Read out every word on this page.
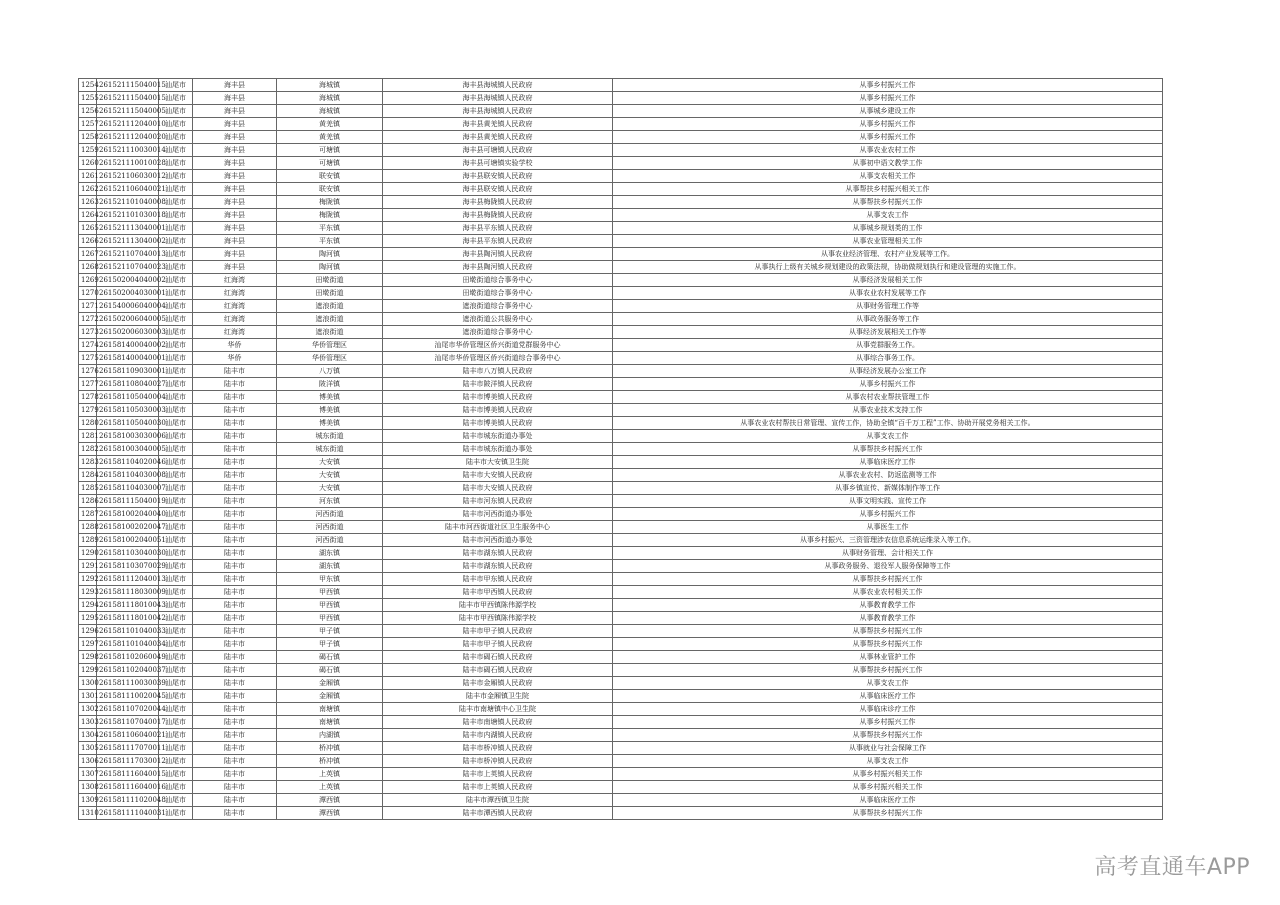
1254	261521115040015	汕尾市	海丰县	海城镇	海丰县海城镇人民政府	从事乡村振兴工作
1255	261521115040015	汕尾市	海丰县	海城镇	海丰县海城镇人民政府	从事乡村振兴工作
1256	261521115040005	汕尾市	海丰县	海城镇	海丰县海城镇人民政府	从事城乡建设工作
1257	261521112040010	汕尾市	海丰县	黄羌镇	海丰县黄羌镇人民政府	从事乡村振兴工作
1258	261521112040020	汕尾市	海丰县	黄羌镇	海丰县黄羌镇人民政府	从事乡村振兴工作
1259	261521110030014	汕尾市	海丰县	可塘镇	海丰县可塘镇人民政府	从事农业农村工作
1260	261521110010028	汕尾市	海丰县	可塘镇	海丰县可塘镇实验学校	从事初中语文教学工作
1261	261521106030012	汕尾市	海丰县	联安镇	海丰县联安镇人民政府	从事支农相关工作
1262	261521106040021	汕尾市	海丰县	联安镇	海丰县联安镇人民政府	从事帮扶乡村振兴相关工作
1263	261521101040008	汕尾市	海丰县	梅陇镇	海丰县梅陇镇人民政府	从事帮扶乡村振兴工作
1264	261521101030018	汕尾市	海丰县	梅陇镇	海丰县梅陇镇人民政府	从事支农工作
1265	261521113040001	汕尾市	海丰县	平东镇	海丰县平东镇人民政府	从事城乡规划类的工作
1266	261521113040002	汕尾市	海丰县	平东镇	海丰县平东镇人民政府	从事农业管理相关工作
1267	261521107040013	汕尾市	海丰县	陶河镇	海丰县陶河镇人民政府	从事农业经济管理、农村产业发展等工作。
1268	261521107040023	汕尾市	海丰县	陶河镇	海丰县陶河镇人民政府	从事执行上级有关城乡规划建设的政策法规，协助做规划执行和建设管理的实施工作。
1269	261502004040002	汕尾市	红海湾	田墘街道	田墘街道综合事务中心	从事经济发展相关工作
1270	261502004030001	汕尾市	红海湾	田墘街道	田墘街道综合事务中心	从事农业农村发展等工作
1271	261540006040004	汕尾市	红海湾	遮浪街道	遮浪街道综合事务中心	从事财务管理工作等
1272	261502006040005	汕尾市	红海湾	遮浪街道	遮浪街道公共服务中心	从事政务服务等工作
1273	261502006030003	汕尾市	红海湾	遮浪街道	遮浪街道综合事务中心	从事经济发展相关工作等
1274	261581400040002	汕尾市	华侨	华侨管理区	汕尾市华侨管理区侨兴街道党群服务中心	从事党群服务工作。
1275	261581400040001	汕尾市	华侨	华侨管理区	汕尾市华侨管理区侨兴街道综合事务中心	从事综合事务工作。
1276	261581109030001	汕尾市	陆丰市	八万镇	陆丰市八万镇人民政府	从事经济发展办公室工作
1277	261581108040027	汕尾市	陆丰市	陂洋镇	陆丰市陂洋镇人民政府	从事乡村振兴工作
1278	261581105040004	汕尾市	陆丰市	博美镇	陆丰市博美镇人民政府	从事农村农业帮扶管理工作
1279	261581105030003	汕尾市	陆丰市	博美镇	陆丰市博美镇人民政府	从事农业技术支持工作
1280	261581105040030	汕尾市	陆丰市	博美镇	陆丰市博美镇人民政府	从事农业农村帮扶日常管理、宣传工作，协助全镇“百千万工程”工作、协助开展党务相关工作。
1281	261581003030006	汕尾市	陆丰市	城东街道	陆丰市城东街道办事处	从事支农工作
1282	261581003040005	汕尾市	陆丰市	城东街道	陆丰市城东街道办事处	从事帮扶乡村振兴工作
1283	261581104020046	汕尾市	陆丰市	大安镇	陆丰市大安镇卫生院	从事临床医疗工作
1284	261581104030008	汕尾市	陆丰市	大安镇	陆丰市大安镇人民政府	从事农业农村、防返监测等工作
1285	261581104030007	汕尾市	陆丰市	大安镇	陆丰市大安镇人民政府	从事乡镇宣传、新媒体制作等工作
1286	261581115040019	汕尾市	陆丰市	河东镇	陆丰市河东镇人民政府	从事文明实践、宣传工作
1287	261581002040040	汕尾市	陆丰市	河西街道	陆丰市河西街道办事处	从事乡村振兴工作
1288	261581002020047	汕尾市	陆丰市	河西街道	陆丰市河西街道社区卫生服务中心	从事医生工作
1289	261581002040051	汕尾市	陆丰市	河西街道	陆丰市河西街道办事处	从事乡村振兴、三资管理涉农信息系统运维录入等工作。
1290	261581103040030	汕尾市	陆丰市	湖东镇	陆丰市湖东镇人民政府	从事财务管理、会计相关工作
1291	261581103070029	汕尾市	陆丰市	湖东镇	陆丰市湖东镇人民政府	从事政务服务、退役军人服务保障等工作
1292	261581112040013	汕尾市	陆丰市	甲东镇	陆丰市甲东镇人民政府	从事帮扶乡村振兴工作
1293	261581118030009	汕尾市	陆丰市	甲西镇	陆丰市甲西镇人民政府	从事农业农村相关工作
1294	261581118010043	汕尾市	陆丰市	甲西镇	陆丰市甲西镇陈伟源学校	从事教育教学工作
1295	261581118010042	汕尾市	陆丰市	甲西镇	陆丰市甲西镇陈伟源学校	从事教育教学工作
1296	261581101040033	汕尾市	陆丰市	甲子镇	陆丰市甲子镇人民政府	从事帮扶乡村振兴工作
1297	261581101040034	汕尾市	陆丰市	甲子镇	陆丰市甲子镇人民政府	从事帮扶乡村振兴工作
1298	261581102060049	汕尾市	陆丰市	碣石镇	陆丰市碣石镇人民政府	从事林业管护工作
1299	261581102040037	汕尾市	陆丰市	碣石镇	陆丰市碣石镇人民政府	从事帮扶乡村振兴工作
1300	261581110030039	汕尾市	陆丰市	金厢镇	陆丰市金厢镇人民政府	从事支农工作
1301	261581110020045	汕尾市	陆丰市	金厢镇	陆丰市金厢镇卫生院	从事临床医疗工作
1302	261581107020044	汕尾市	陆丰市	南塘镇	陆丰市南塘镇中心卫生院	从事临床诊疗工作
1303	261581107040017	汕尾市	陆丰市	南塘镇	陆丰市南塘镇人民政府	从事乡村振兴工作
1304	261581106040021	汕尾市	陆丰市	内湖镇	陆丰市内湖镇人民政府	从事帮扶乡村振兴工作
1305	261581117070011	汕尾市	陆丰市	桥冲镇	陆丰市桥冲镇人民政府	从事就业与社会保障工作
1306	261581117030012	汕尾市	陆丰市	桥冲镇	陆丰市桥冲镇人民政府	从事支农工作
1307	261581116040015	汕尾市	陆丰市	上英镇	陆丰市上英镇人民政府	从事乡村振兴相关工作
1308	261581116040016	汕尾市	陆丰市	上英镇	陆丰市上英镇人民政府	从事乡村振兴相关工作
1309	261581111020048	汕尾市	陆丰市	潭西镇	陆丰市潭西镇卫生院	从事临床医疗工作
1310	261581111040031	汕尾市	陆丰市	潭西镇	陆丰市潭西镇人民政府	从事帮扶乡村振兴工作
高考直通车APP
